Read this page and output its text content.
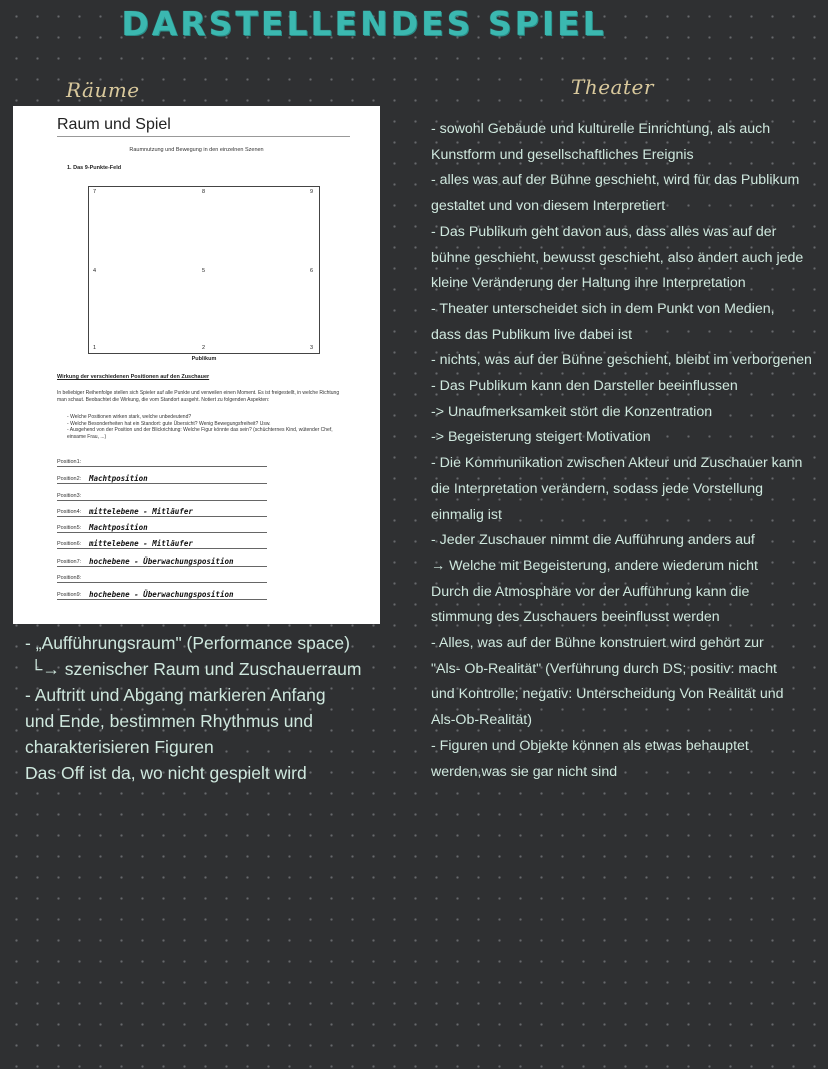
DARSTELLENDES SPIEL
Räume	Theater
Raum und Spiel
Raumnutzung und Bewegung in den einzelnen Szenen
1. Das 9-Punkte-Feld
7	8	9
4	5	6
1	2	3
Publikum
Wirkung der verschiedenen Positionen auf den Zuschauer
In beliebiger Reihenfolge stellen sich Spieler auf alle Punkte und verweilen einen Moment. Es ist freigestellt, in welche Richtung man schaut. Beobachtet die Wirkung, die vom Standort ausgeht. Notiert zu folgenden Aspekten:
- Welche Positionen wirken stark, welche unbedeutend?
- Welche Besonderheiten hat ein Standort: gute Übersicht? Wenig Bewegungsfreiheit? Usw.
- Ausgehend von der Position und der Blickrichtung: Welche Figur könnte das sein? (schüchternes Kind, wütender Chef, einsame Frau, ...)
Position1:
Position2: Machtposition
Position3:
Position4: mittelebene - Mitläufer
Position5: Machtposition
Position6: mittelebene - Mitläufer
Position7: hochebene - Überwachungsposition
Position8:
Position9: hochebene - Überwachungsposition
- „Aufführungsraum" (Performance space)
└→ szenischer Raum und Zuschauerraum
- Auftritt und Abgang markieren Anfang
und Ende, bestimmen Rhythmus und
charakterisieren Figuren
Das Off ist da, wo nicht gespielt wird
- sowohl Gebäude und kulturelle Einrichtung, als auch
Kunstform und gesellschaftliches Ereignis
- alles was auf der Bühne geschieht, wird für das Publikum
gestaltet und von diesem Interpretiert
- Das Publikum geht davon aus, dass alles was auf der
bühne geschieht, bewusst geschieht, also ändert auch jede
kleine Veränderung der Haltung ihre Interpretation
- Theater unterscheidet sich in dem Punkt von Medien,
dass das Publikum live dabei ist
- nichts, was auf der Bühne geschieht, bleibt im verborgenen
- Das Publikum kann den Darsteller beeinflussen
-> Unaufmerksamkeit stört die Konzentration
-> Begeisterung steigert Motivation
- Die Kommunikation zwischen Akteur und Zuschauer kann
die Interpretation verändern, sodass jede Vorstellung
einmalig ist
- Jeder Zuschauer nimmt die Aufführung anders auf
→ Welche mit Begeisterung, andere wiederum nicht
Durch die Atmosphäre vor der Aufführung kann die
stimmung des Zuschauers beeinflusst werden
- Alles, was auf der Bühne konstruiert wird gehört zur
"Als- Ob-Realität" (Verführung durch DS; positiv: macht
und Kontrolle; negativ: Unterscheidung Von Realität und
Als-Ob-Realität)
- Figuren und Objekte können als etwas behauptet
werden,was sie gar nicht sind
